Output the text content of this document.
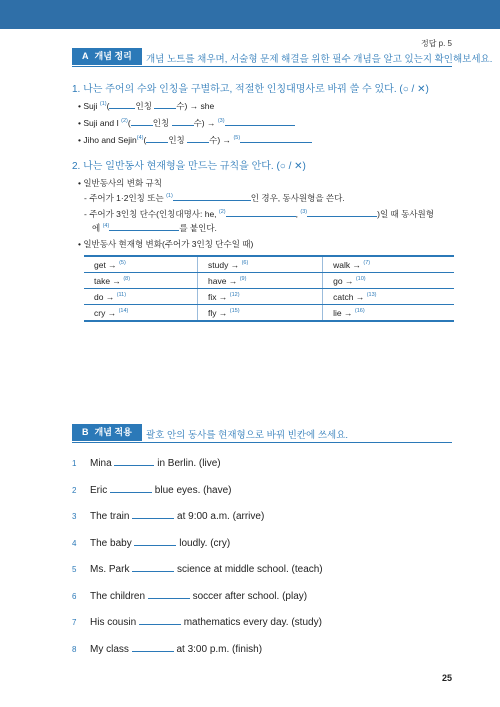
정답 p. 5
A 개념 정리	개념 노트를 채우며, 서술형 문제 해결을 위한 필수 개념을 알고 있는지 확인해보세요.
1. 나는 주어의 수와 인칭을 구별하고, 적절한 인칭대명사로 바꿔 쓸 수 있다. (○ / ✕)
• Suji $^{(1)}$(	인칭	수) → she
• Suji and I $^{(2)}$(	인칭	수) → $^{(3)}$
• Jiho and Sejin$^{(4)}$(	인칭	수) → $^{(5)}$
2. 나는 일반동사 현재형을 만드는 규칙을 안다. (○ / ✕)
• 일반동사의 변화 규칙
- 주어가 1·2인칭 또는 $^{(1)}$	인 경우, 동사원형을 쓴다.
- 주어가 3인칭 단수(인칭대명사: he, $^{(2)}$	, $^{(3)}$	)일 때 동사원형
에 $^{(4)}$	를 붙인다.
• 일반동사 현재형 변화(주어가 3인칭 단수일 때)
get → $^{(5)}$	study → $^{(6)}$	walk → $^{(7)}$
take → $^{(8)}$	have → $^{(9)}$	go → $^{(10)}$
do → $^{(11)}$	fix → $^{(12)}$	catch → $^{(13)}$
cry → $^{(14)}$	fly → $^{(15)}$	lie → $^{(16)}$
B 개념 적용	괄호 안의 동사를 현재형으로 바꿔 빈칸에 쓰세요.
1 Mina	in Berlin. (live)
2 Eric	blue eyes. (have)
3 The train	at 9:00 a.m. (arrive)
4 The baby	loudly. (cry)
5 Ms. Park	science at middle school. (teach)
6 The children	soccer after school. (play)
7 His cousin	mathematics every day. (study)
8 My class	at 3:00 p.m. (finish)
25
